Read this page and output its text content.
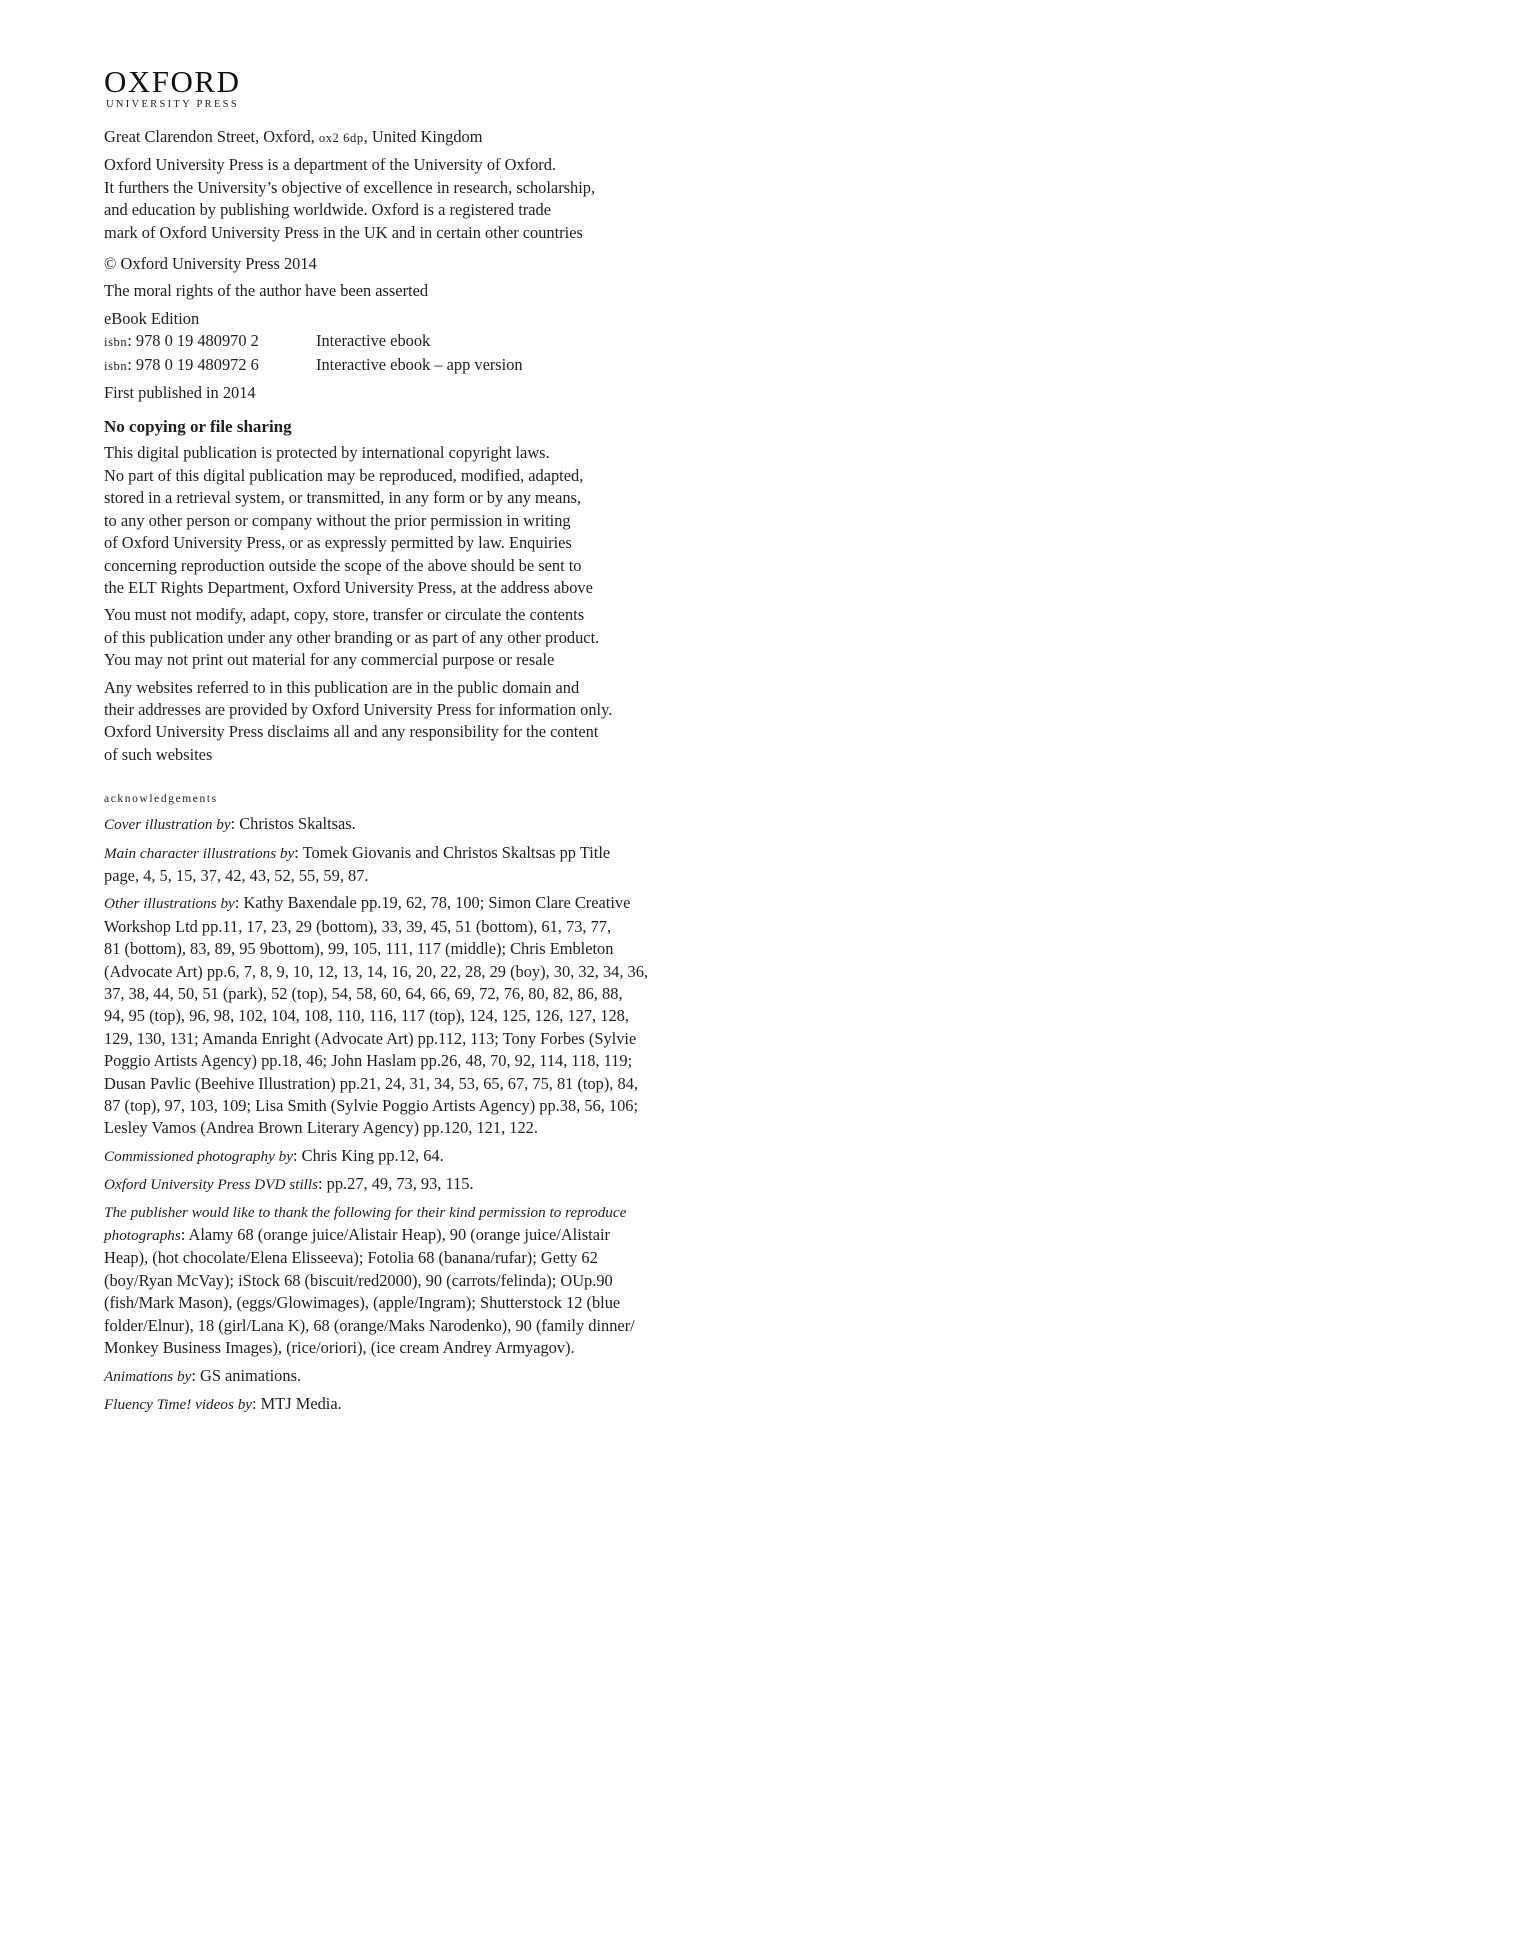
OXFORD
UNIVERSITY PRESS

Great Clarendon Street, Oxford, ox2 6dp, United Kingdom

Oxford University Press is a department of the University of Oxford.
It furthers the University’s objective of excellence in research, scholarship,
and education by publishing worldwide. Oxford is a registered trade
mark of Oxford University Press in the UK and in certain other countries

© Oxford University Press 2014

The moral rights of the author have been asserted

eBook Edition

isbn: 978 0 19 480970 2	Interactive ebook
isbn: 978 0 19 480972 6	Interactive ebook – app version

First published in 2014

No copying or file sharing

This digital publication is protected by international copyright laws.
No part of this digital publication may be reproduced, modified, adapted,
stored in a retrieval system, or transmitted, in any form or by any means,
to any other person or company without the prior permission in writing
of Oxford University Press, or as expressly permitted by law. Enquiries
concerning reproduction outside the scope of the above should be sent to
the ELT Rights Department, Oxford University Press, at the address above

You must not modify, adapt, copy, store, transfer or circulate the contents
of this publication under any other branding or as part of any other product.
You may not print out material for any commercial purpose or resale

Any websites referred to in this publication are in the public domain and
their addresses are provided by Oxford University Press for information only.
Oxford University Press disclaims all and any responsibility for the content
of such websites

acknowledgements

Cover illustration by: Christos Skaltsas.

Main character illustrations by: Tomek Giovanis and Christos Skaltsas pp Title
page, 4, 5, 15, 37, 42, 43, 52, 55, 59, 87.

Other illustrations by: Kathy Baxendale pp.19, 62, 78, 100; Simon Clare Creative
Workshop Ltd pp.11, 17, 23, 29 (bottom), 33, 39, 45, 51 (bottom), 61, 73, 77,
81 (bottom), 83, 89, 95 9bottom), 99, 105, 111, 117 (middle); Chris Embleton
(Advocate Art) pp.6, 7, 8, 9, 10, 12, 13, 14, 16, 20, 22, 28, 29 (boy), 30, 32, 34, 36,
37, 38, 44, 50, 51 (park), 52 (top), 54, 58, 60, 64, 66, 69, 72, 76, 80, 82, 86, 88,
94, 95 (top), 96, 98, 102, 104, 108, 110, 116, 117 (top), 124, 125, 126, 127, 128,
129, 130, 131; Amanda Enright (Advocate Art) pp.112, 113; Tony Forbes (Sylvie
Poggio Artists Agency) pp.18, 46; John Haslam pp.26, 48, 70, 92, 114, 118, 119;
Dusan Pavlic (Beehive Illustration) pp.21, 24, 31, 34, 53, 65, 67, 75, 81 (top), 84,
87 (top), 97, 103, 109; Lisa Smith (Sylvie Poggio Artists Agency) pp.38, 56, 106;
Lesley Vamos (Andrea Brown Literary Agency) pp.120, 121, 122.

Commissioned photography by: Chris King pp.12, 64.

Oxford University Press DVD stills: pp.27, 49, 73, 93, 115.

The publisher would like to thank the following for their kind permission to reproduce
photographs: Alamy 68 (orange juice/Alistair Heap), 90 (orange juice/Alistair
Heap), (hot chocolate/Elena Elisseeva); Fotolia 68 (banana/rufar); Getty 62
(boy/Ryan McVay); iStock 68 (biscuit/red2000), 90 (carrots/felinda); OUp.90
(fish/Mark Mason), (eggs/Glowimages), (apple/Ingram); Shutterstock 12 (blue
folder/Elnur), 18 (girl/Lana K), 68 (orange/Maks Narodenko), 90 (family dinner/
Monkey Business Images), (rice/oriori), (ice cream Andrey Armyagov).

Animations by: GS animations.

Fluency Time! videos by: MTJ Media.
